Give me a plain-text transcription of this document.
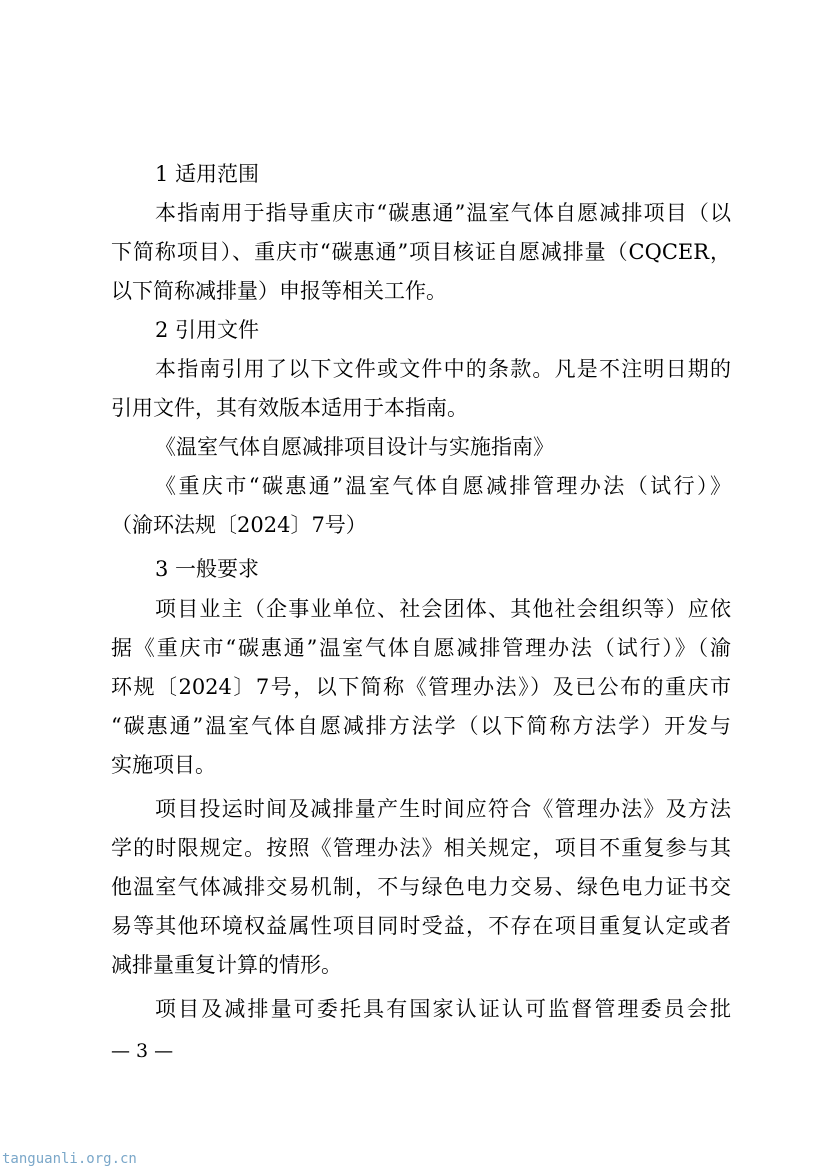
1 适用范围
本指南用于指导重庆市“碳惠通”温室气体自愿减排项目（以
下简称项目）、重庆市“碳惠通”项目核证自愿减排量（CQCER，
以下简称减排量）申报等相关工作。
2 引用文件
本指南引用了以下文件或文件中的条款。凡是不注明日期的
引用文件，其有效版本适用于本指南。
《温室气体自愿减排项目设计与实施指南》
《重庆市“碳惠通”温室气体自愿减排管理办法（试行）》
（渝环法规〔2024〕7号）
3 一般要求
项目业主（企事业单位、社会团体、其他社会组织等）应依
据《重庆市“碳惠通”温室气体自愿减排管理办法（试行）》（渝
环规〔2024〕7号，以下简称《管理办法》）及已公布的重庆市
“碳惠通”温室气体自愿减排方法学（以下简称方法学）开发与
实施项目。
项目投运时间及减排量产生时间应符合《管理办法》及方法
学的时限规定。按照《管理办法》相关规定，项目不重复参与其
他温室气体减排交易机制，不与绿色电力交易、绿色电力证书交
易等其他环境权益属性项目同时受益，不存在项目重复认定或者
减排量重复计算的情形。
项目及减排量可委托具有国家认证认可监督管理委员会批
— 3 —
tanguanli.org.cn
